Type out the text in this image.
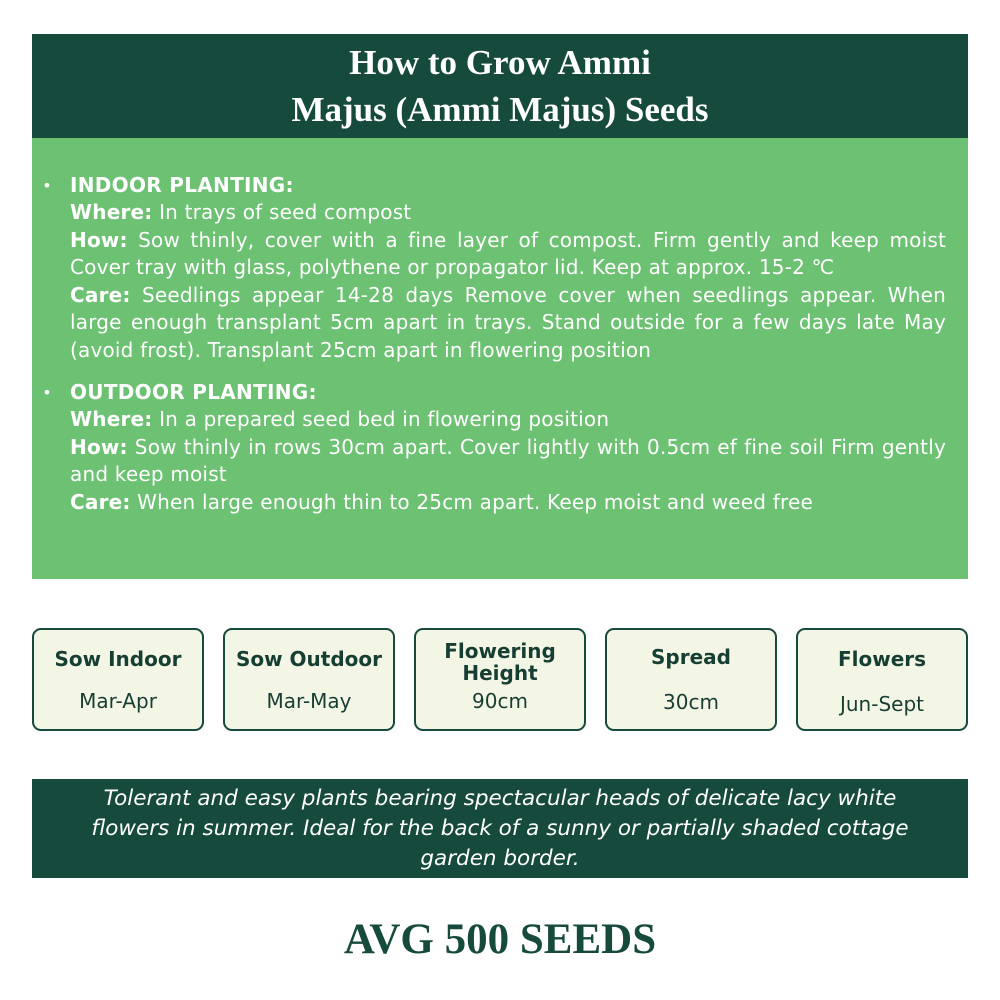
How to Grow Ammi
Majus (Ammi Majus) Seeds
• INDOOR PLANTING:
Where: In trays of seed compost
How: Sow thinly, cover with a fine layer of compost. Firm gently and keep moist Cover tray with glass, polythene or propagator lid. Keep at approx. 15-2 ℃
Care: Seedlings appear 14-28 days Remove cover when seedlings appear. When large enough transplant 5cm apart in trays. Stand outside for a few days late May (avoid frost). Transplant 25cm apart in flowering position
• OUTDOOR PLANTING:
Where: In a prepared seed bed in flowering position
How: Sow thinly in rows 30cm apart. Cover lightly with 0.5cm ef fine soil Firm gently and keep moist
Care: When large enough thin to 25cm apart. Keep moist and weed free
Sow Indoor
Mar-Apr
Sow Outdoor
Mar-May
Flowering Height
90cm
Spread
30cm
Flowers
Jun-Sept
Tolerant and easy plants bearing spectacular heads of delicate lacy white flowers in summer. Ideal for the back of a sunny or partially shaded cottage garden border.
AVG 500 SEEDS
